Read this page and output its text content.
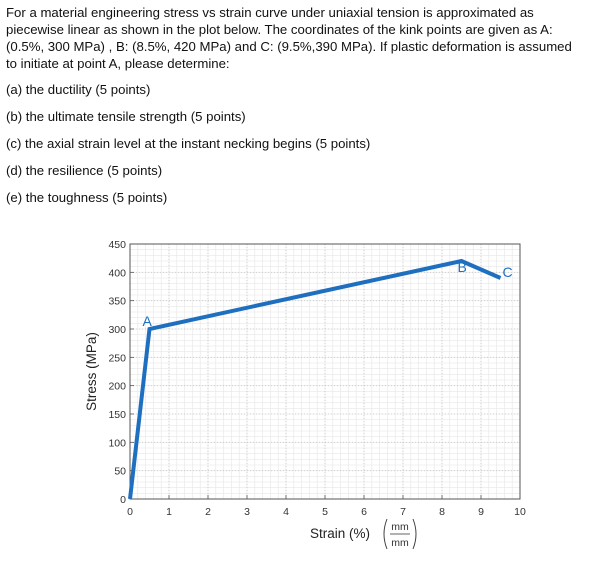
For a material engineering stress vs strain curve under uniaxial tension is approximated as piecewise linear as shown in the plot below. The coordinates of the kink points are given as A: (0.5%, 300 MPa) , B: (8.5%, 420 MPa) and C: (9.5%,390 MPa). If plastic deformation is assumed to initiate at point A, please determine:

(a) the ductility (5 points)

(b) the ultimate tensile strength (5 points)

(c) the axial strain level at the instant necking begins (5 points)

(d) the resilience (5 points)

(e) the toughness (5 points)

0	1	2	3	4	5	6	7	8	9	10
0
50
100
150
200
250
300
350
400
450
A
B	C
Stress (MPa)
Strain (%) mm
mm
